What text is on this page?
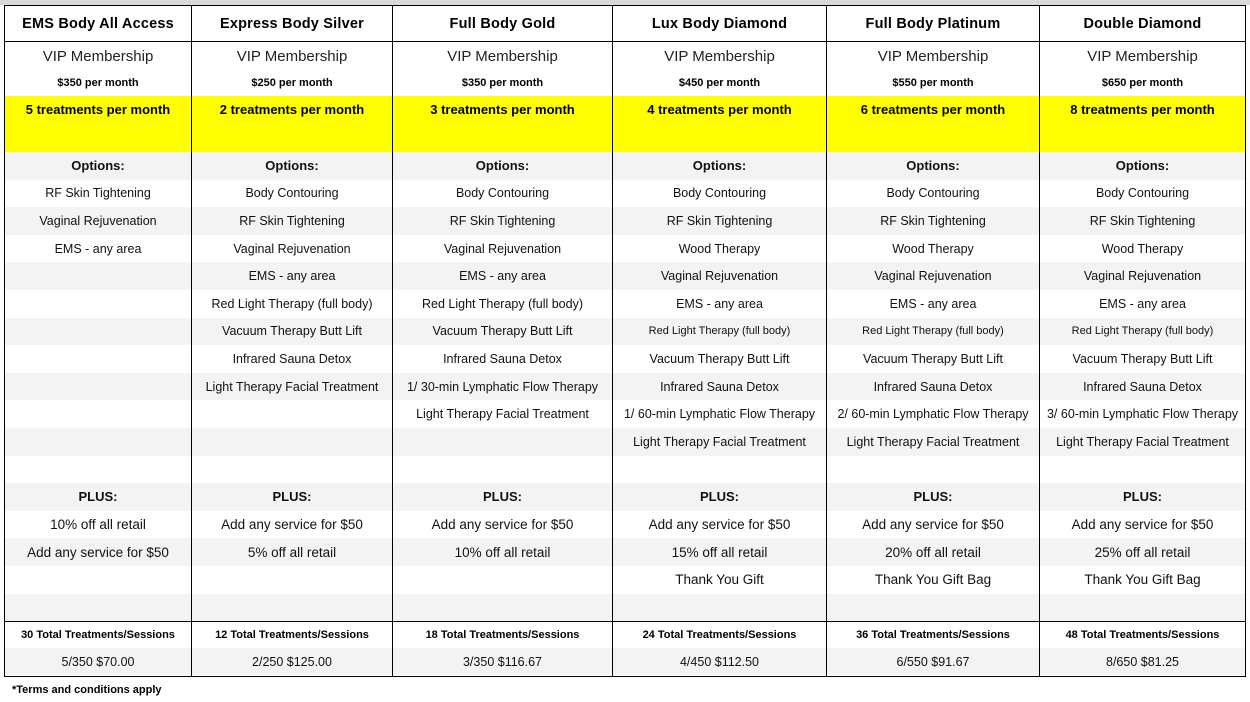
EMS Body All Access
VIP Membership
$350 per month
5 treatments per month
Options:
RF Skin Tightening
Vaginal Rejuvenation
EMS - any area
PLUS:
10% off all retail
Add any service for $50
30 Total Treatments/Sessions
5/350 $70.00
Express Body Silver
VIP Membership
$250 per month
2 treatments per month
Options:
Body Contouring
RF Skin Tightening
Vaginal Rejuvenation
EMS - any area
Red Light Therapy (full body)
Vacuum Therapy Butt Lift
Infrared Sauna Detox
Light Therapy Facial Treatment
PLUS:
Add any service for $50
5% off all retail
12 Total Treatments/Sessions
2/250 $125.00
Full Body Gold
VIP Membership
$350 per month
3 treatments per month
Options:
Body Contouring
RF Skin Tightening
Vaginal Rejuvenation
EMS - any area
Red Light Therapy (full body)
Vacuum Therapy Butt Lift
Infrared Sauna Detox
1/ 30-min Lymphatic Flow Therapy
Light Therapy Facial Treatment
PLUS:
Add any service for $50
10% off all retail
18 Total Treatments/Sessions
3/350 $116.67
Lux Body Diamond
VIP Membership
$450 per month
4 treatments per month
Options:
Body Contouring
RF Skin Tightening
Wood Therapy
Vaginal Rejuvenation
EMS - any area
Red Light Therapy (full body)
Vacuum Therapy Butt Lift
Infrared Sauna Detox
1/ 60-min Lymphatic Flow Therapy
Light Therapy Facial Treatment
PLUS:
Add any service for $50
15% off all retail
Thank You Gift
24 Total Treatments/Sessions
4/450 $112.50
Full Body Platinum
VIP Membership
$550 per month
6 treatments per month
Options:
Body Contouring
RF Skin Tightening
Wood Therapy
Vaginal Rejuvenation
EMS - any area
Red Light Therapy (full body)
Vacuum Therapy Butt Lift
Infrared Sauna Detox
2/ 60-min Lymphatic Flow Therapy
Light Therapy Facial Treatment
PLUS:
Add any service for $50
20% off all retail
Thank You Gift Bag
36 Total Treatments/Sessions
6/550 $91.67
Double Diamond
VIP Membership
$650 per month
8 treatments per month
Options:
Body Contouring
RF Skin Tightening
Wood Therapy
Vaginal Rejuvenation
EMS - any area
Red Light Therapy (full body)
Vacuum Therapy Butt Lift
Infrared Sauna Detox
3/ 60-min Lymphatic Flow Therapy
Light Therapy Facial Treatment
PLUS:
Add any service for $50
25% off all retail
Thank You Gift Bag
48 Total Treatments/Sessions
8/650 $81.25
*Terms and conditions apply
